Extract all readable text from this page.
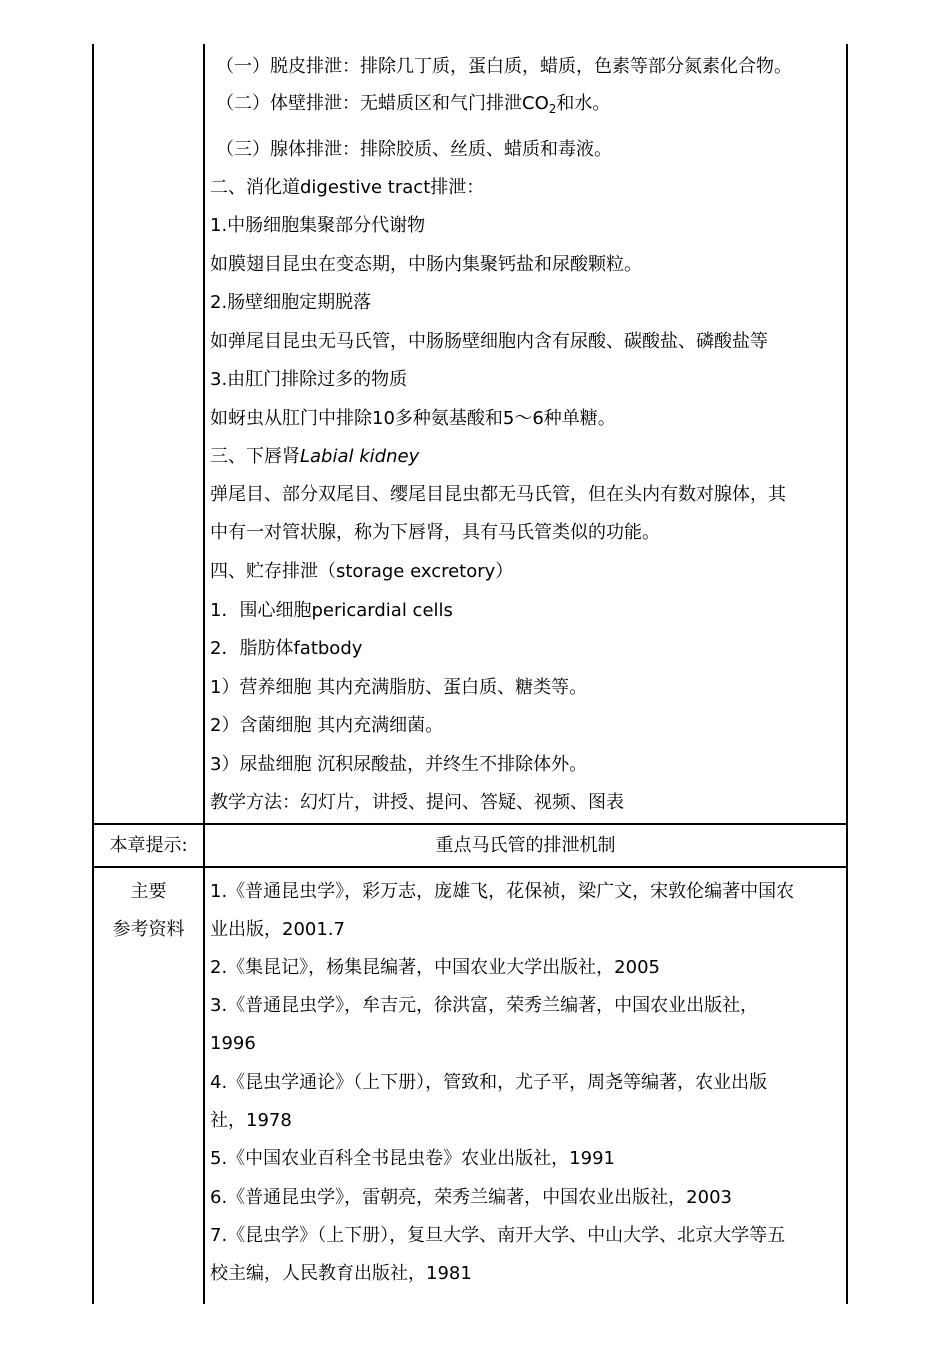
（一）脱皮排泄：排除几丁质，蛋白质，蜡质，色素等部分氮素化合物。
（二）体壁排泄：无蜡质区和气门排泄$CO_2$和水。
（三）腺体排泄：排除胶质、丝质、蜡质和毒液。
二、消化道digestive tract排泄：
1.中肠细胞集聚部分代谢物
如膜翅目昆虫在变态期，中肠内集聚钙盐和尿酸颗粒。
2.肠壁细胞定期脱落
如弹尾目昆虫无马氏管，中肠肠壁细胞内含有尿酸、碳酸盐、磷酸盐等
3.由肛门排除过多的物质
如蚜虫从肛门中排除10多种氨基酸和5～6种单糖。
三、下唇肾Labial kidney
弹尾目、部分双尾目、缨尾目昆虫都无马氏管，但在头内有数对腺体，其
中有一对管状腺，称为下唇肾，具有马氏管类似的功能。
四、贮存排泄（storage excretory）
1．围心细胞pericardial cells
2．脂肪体fatbody
1）营养细胞 其内充满脂肪、蛋白质、糖类等。
2）含菌细胞 其内充满细菌。
3）尿盐细胞 沉积尿酸盐，并终生不排除体外。
教学方法：幻灯片，讲授、提问、答疑、视频、图表
本章提示:	重点马氏管的排泄机制
主要
参考资料
1.《普通昆虫学》，彩万志，庞雄飞，花保祯，梁广文，宋敦伦编著中国农
业出版，2001.7
2.《集昆记》，杨集昆编著，中国农业大学出版社，2005
3.《普通昆虫学》，牟吉元，徐洪富，荣秀兰编著，中国农业出版社，
1996
4.《昆虫学通论》（上下册），管致和，尤子平，周尧等编著，农业出版
社，1978
5.《中国农业百科全书昆虫卷》农业出版社，1991
6.《普通昆虫学》，雷朝亮，荣秀兰编著，中国农业出版社，2003
7.《昆虫学》（上下册），复旦大学、南开大学、中山大学、北京大学等五
校主编，人民教育出版社，1981
